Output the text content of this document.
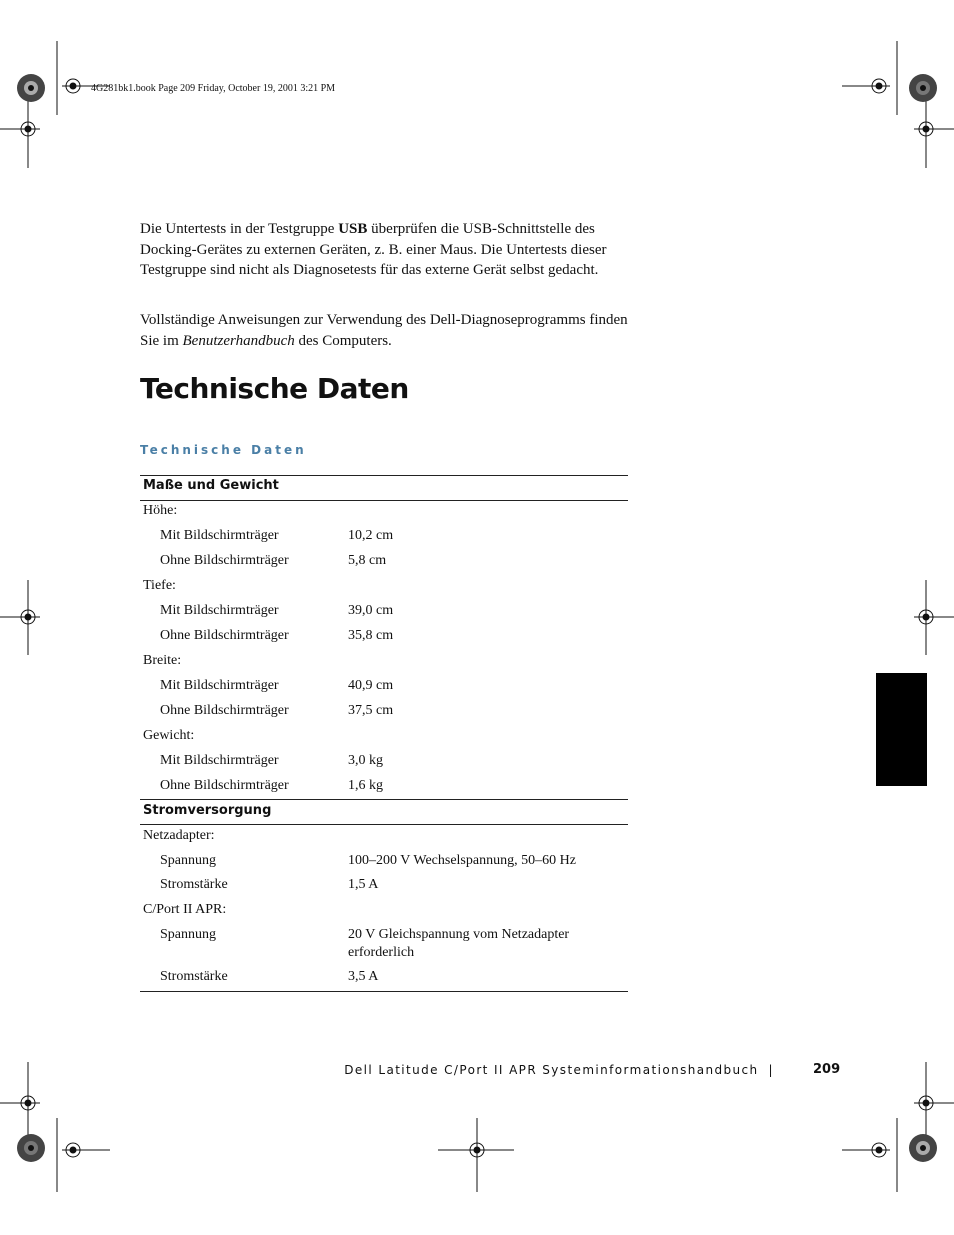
4G281bk1.book Page 209 Friday, October 19, 2001 3:21 PM

Die Untertests in der Testgruppe USB überprüfen die USB-Schnittstelle des Docking-Gerätes zu externen Geräten, z. B. einer Maus. Die Untertests dieser Testgruppe sind nicht als Diagnosetests für das externe Gerät selbst gedacht.

Vollständige Anweisungen zur Verwendung des Dell-Diagnoseprogramms finden Sie im Benutzerhandbuch des Computers.

Technische Daten
Technische Daten
Maße und Gewicht
Höhe:
Mit Bildschirmträger	10,2 cm
Ohne Bildschirmträger	5,8 cm
Tiefe:
Mit Bildschirmträger	39,0 cm
Ohne Bildschirmträger	35,8 cm
Breite:
Mit Bildschirmträger	40,9 cm
Ohne Bildschirmträger	37,5 cm
Gewicht:
Mit Bildschirmträger	3,0 kg
Ohne Bildschirmträger	1,6 kg
Stromversorgung
Netzadapter:
Spannung	100–200 V Wechselspannung, 50–60 Hz
Stromstärke	1,5 A
C/Port II APR:
Spannung	20 V Gleichspannung vom Netzadapter erforderlich
Stromstärke	3,5 A
Dell Latitude C/Port II APR Systeminformationshandbuch |	209
